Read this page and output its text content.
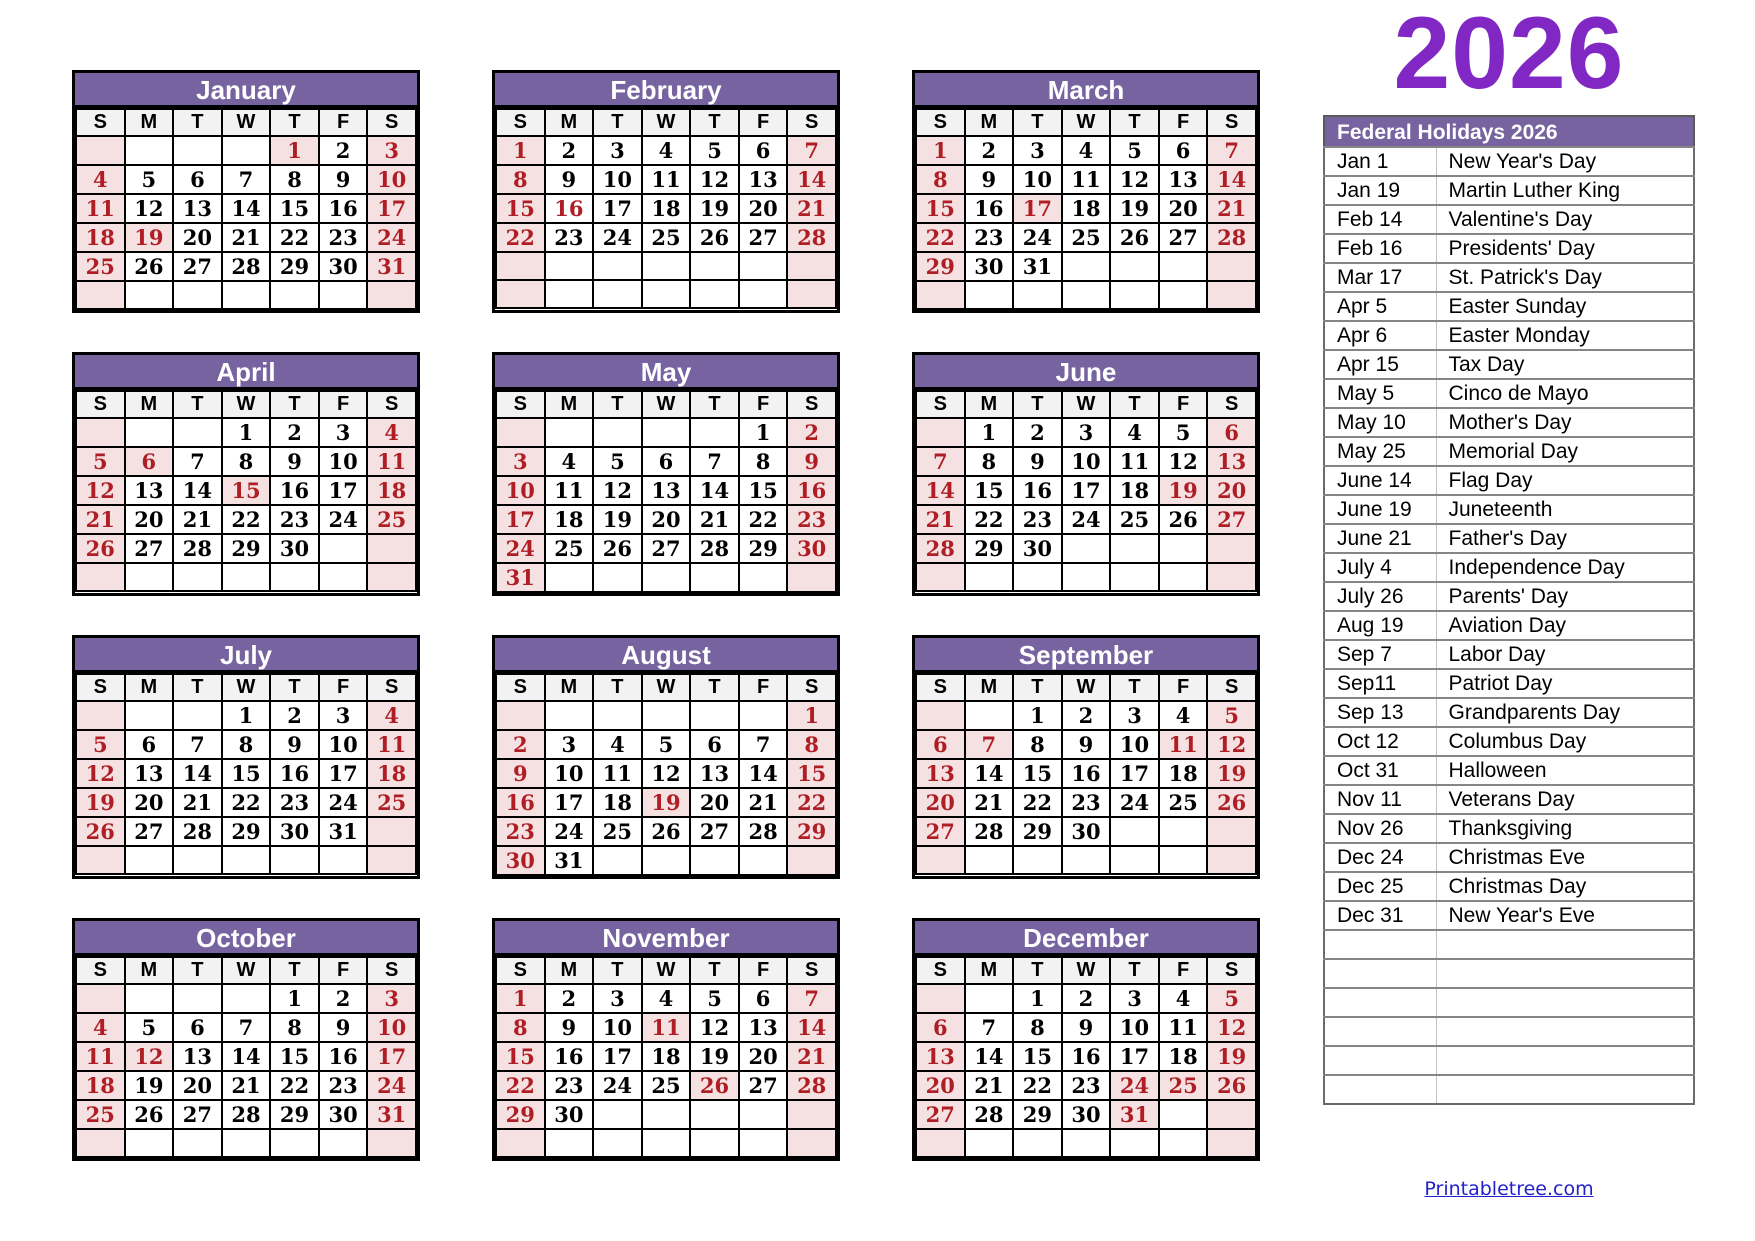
2026
January
S	M	T	W	T	F	S
				1	2	3
4	5	6	7	8	9	10
11	12	13	14	15	16	17
18	19	20	21	22	23	24
25	26	27	28	29	30	31

February
S	M	T	W	T	F	S
1	2	3	4	5	6	7
8	9	10	11	12	13	14
15	16	17	18	19	20	21
22	23	24	25	26	27	28

March
S	M	T	W	T	F	S
1	2	3	4	5	6	7
8	9	10	11	12	13	14
15	16	17	18	19	20	21
22	23	24	25	26	27	28
29	30	31				

April
S	M	T	W	T	F	S
			1	2	3	4
5	6	7	8	9	10	11
12	13	14	15	16	17	18
21	20	21	22	23	24	25
26	27	28	29	30		

May
S	M	T	W	T	F	S
					1	2
3	4	5	6	7	8	9
10	11	12	13	14	15	16
17	18	19	20	21	22	23
24	25	26	27	28	29	30
31						
June
S	M	T	W	T	F	S
	1	2	3	4	5	6
7	8	9	10	11	12	13
14	15	16	17	18	19	20
21	22	23	24	25	26	27
28	29	30				

July
S	M	T	W	T	F	S
			1	2	3	4
5	6	7	8	9	10	11
12	13	14	15	16	17	18
19	20	21	22	23	24	25
26	27	28	29	30	31	

August
S	M	T	W	T	F	S
						1
2	3	4	5	6	7	8
9	10	11	12	13	14	15
16	17	18	19	20	21	22
23	24	25	26	27	28	29
30	31					
September
S	M	T	W	T	F	S
		1	2	3	4	5
6	7	8	9	10	11	12
13	14	15	16	17	18	19
20	21	22	23	24	25	26
27	28	29	30			

October
S	M	T	W	T	F	S
				1	2	3
4	5	6	7	8	9	10
11	12	13	14	15	16	17
18	19	20	21	22	23	24
25	26	27	28	29	30	31

November
S	M	T	W	T	F	S
1	2	3	4	5	6	7
8	9	10	11	12	13	14
15	16	17	18	19	20	21
22	23	24	25	26	27	28
29	30					

December
S	M	T	W	T	F	S
		1	2	3	4	5
6	7	8	9	10	11	12
13	14	15	16	17	18	19
20	21	22	23	24	25	26
27	28	29	30	31		

Federal Holidays 2026
Jan 1	New Year's Day
Jan 19	Martin Luther King
Feb 14	Valentine's Day
Feb 16	Presidents' Day
Mar 17	St. Patrick's Day
Apr 5	Easter Sunday
Apr 6	Easter Monday
Apr 15	Tax Day
May 5	Cinco de Mayo
May 10	Mother's Day
May 25	Memorial Day
June 14	Flag Day
June 19	Juneteenth
June 21	Father's Day
July 4	Independence Day
July 26	Parents' Day
Aug 19	Aviation Day
Sep 7	Labor Day
Sep11	Patriot Day
Sep 13	Grandparents Day
Oct 12	Columbus Day
Oct 31	Halloween
Nov 11	Veterans Day
Nov 26	Thanksgiving
Dec 24	Christmas Eve
Dec 25	Christmas Day
Dec 31	New Year's Eve

Printabletree.com
